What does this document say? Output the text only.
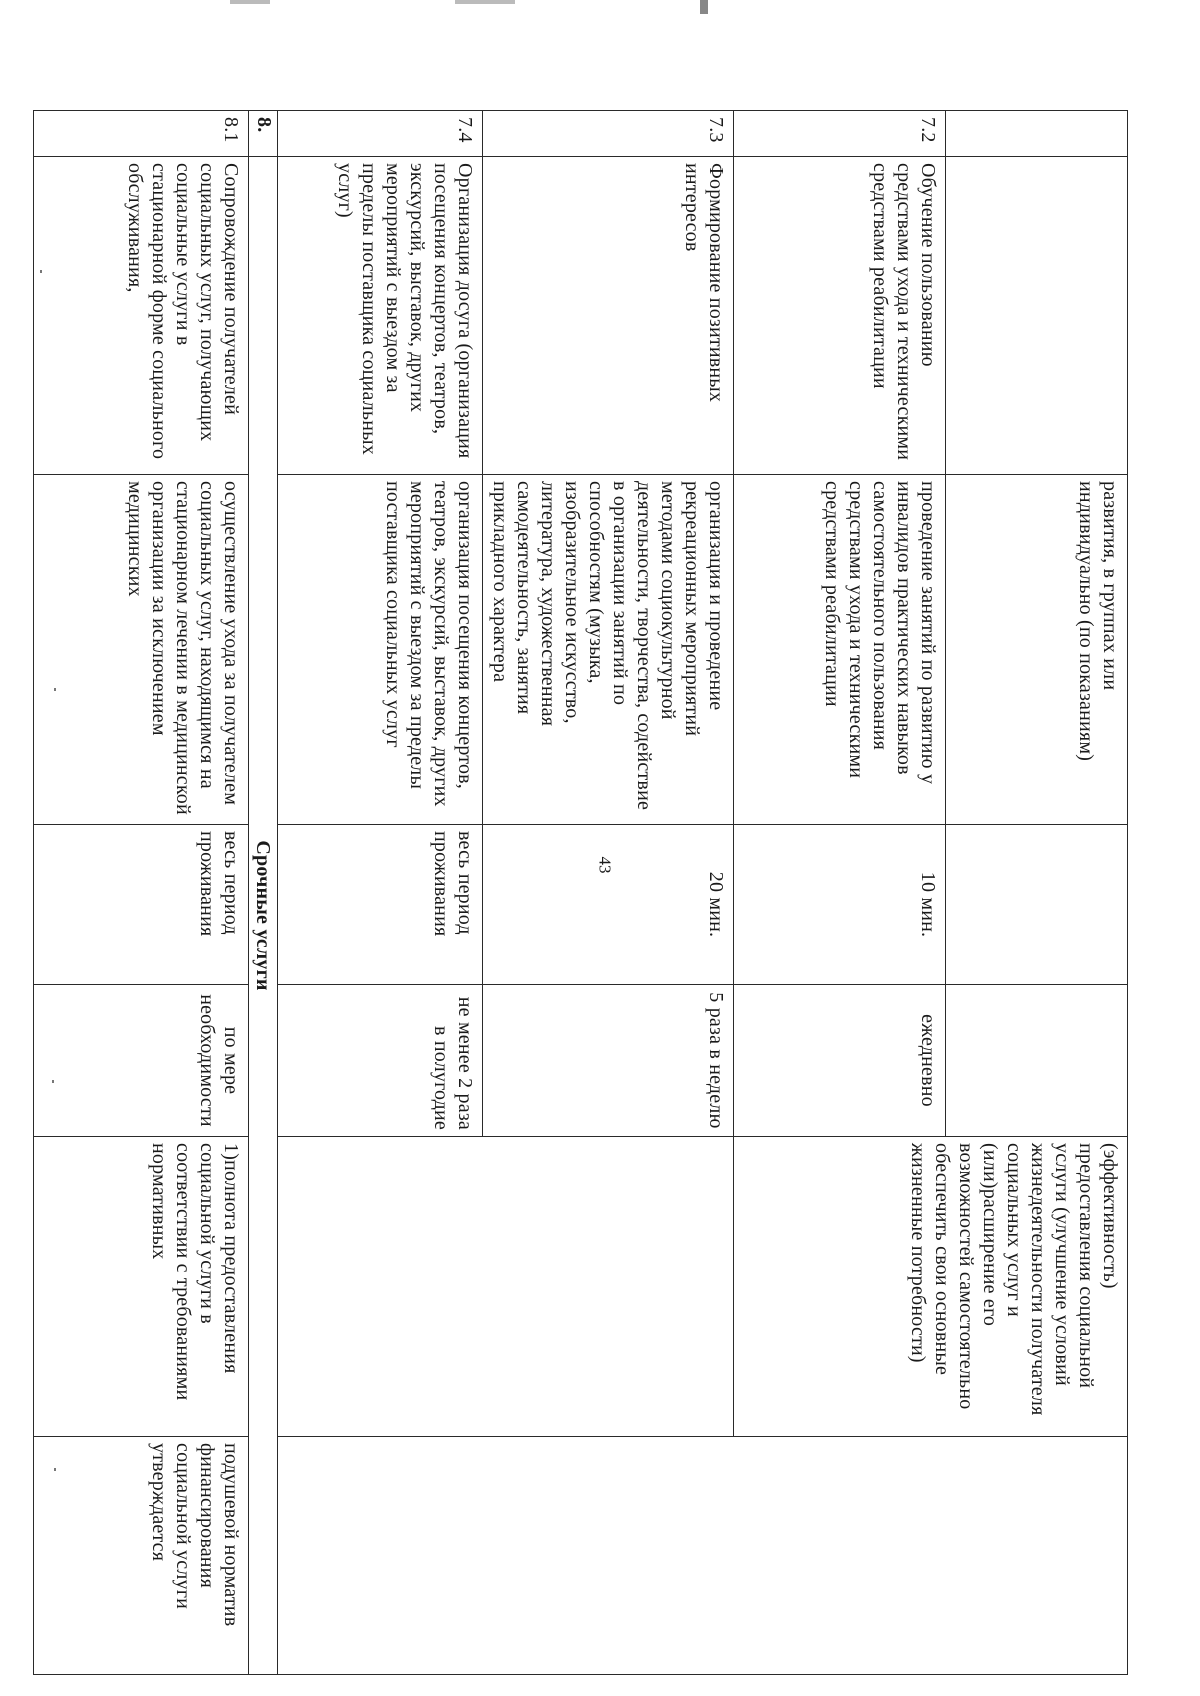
		развития, в группах или индивидуально (по показаниям)			(эффективность) предоставления социальной услуги (улучшение условий жизнедеятельности получателя социальных услуг и (или)расширение его возможностей самостоятельно обеспечить свои основные жизненные потребности)	
7.2	Обучение пользованию средствами ухода и техническими средствами реабилитации	проведение занятий по развитию у инвалидов практических навыков самостоятельного пользования средствами ухода и техническими средствами реабилитации	10 мин.	ежедневно		
7.3	Формирование позитивных интересов	организация и проведение рекреационных мероприятий методами социокультурной деятельности, творчества, содействие в организации занятий по способностям (музыка, изобразительное искусство, литература, художественная самодеятельность, занятия прикладного характера	20 мин.	5 раза в неделю		
7.4	Организация досуга (организация посещения концертов, театров, экскурсий, выставок, других мероприятий с выездом за пределы поставщика социальных услуг)	организация посещения концертов, театров, экскурсий, выставок, других мероприятий с выездом за пределы поставщика социальных услуг	весь период проживания	не менее 2 раза в полугодие		
8.	Срочные услуги					
8.1	Сопровождение получателей социальных услуг, получающих социальные услуги в стационарной форме социального обслуживания,	осуществление ухода за получателем социальных услуг, находящимся на стационарном лечении в медицинской организации за исключением медицинских	весь период проживания	по мере необходимости	1)полнота предоставления социальной услуги в соответствии с требованиями нормативных	подушевой норматив финансирования социальной услуги утверждается
43
